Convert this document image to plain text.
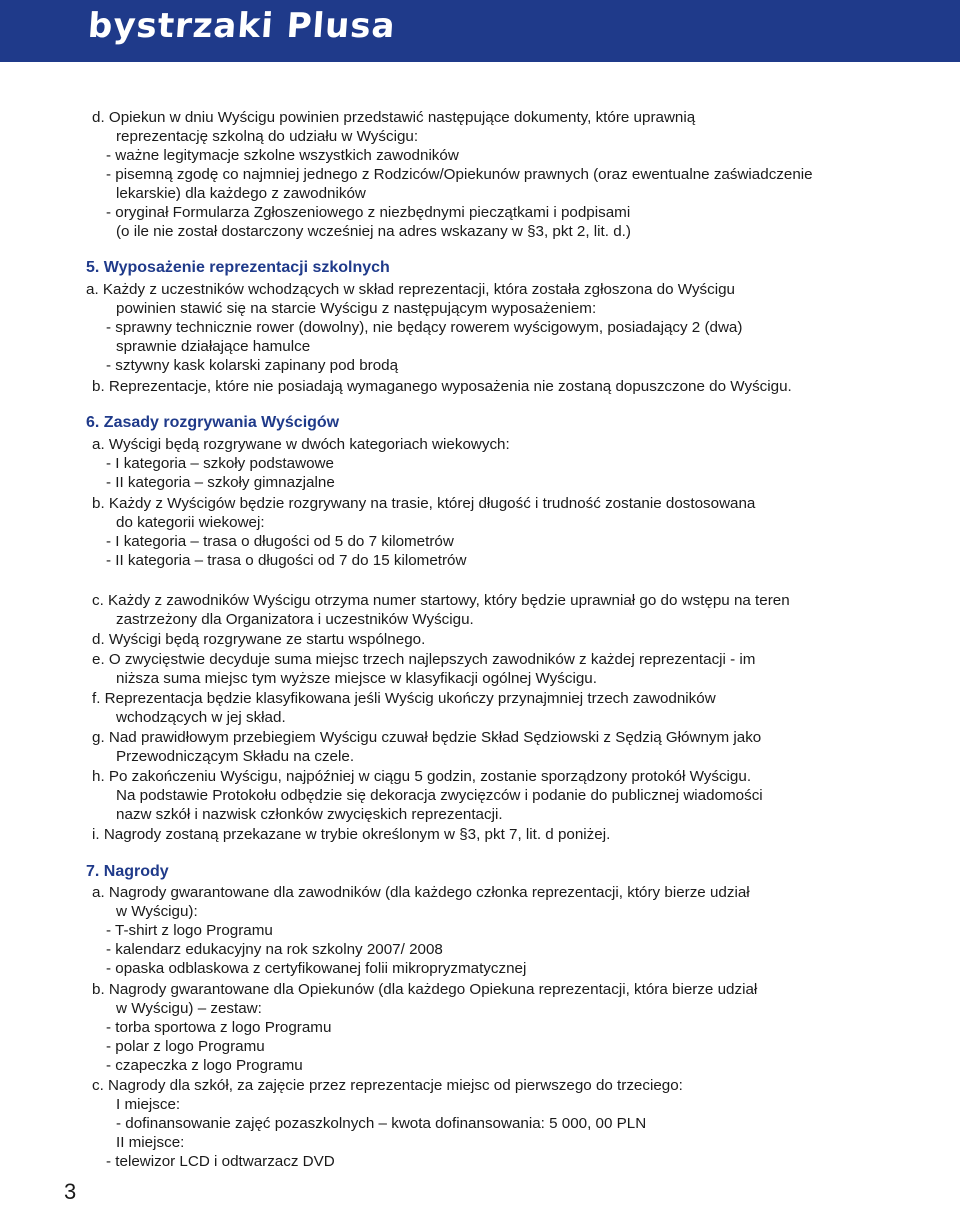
bystrzaki Plusa
d. Opiekun w dniu Wyścigu powinien przedstawić następujące dokumenty, które uprawnią
reprezentację szkolną do udziału w Wyścigu:
- ważne legitymacje szkolne wszystkich zawodników
- pisemną zgodę co najmniej jednego z Rodziców/Opiekunów prawnych (oraz ewentualne zaświadczenie
lekarskie) dla każdego z zawodników
- oryginał Formularza Zgłoszeniowego z niezbędnymi pieczątkami i podpisami
(o ile nie został dostarczony wcześniej na adres wskazany w §3, pkt 2, lit. d.)
5. Wyposażenie reprezentacji szkolnych
a. Każdy z uczestników wchodzących w skład reprezentacji, która została zgłoszona do Wyścigu
powinien stawić się na starcie Wyścigu z następującym wyposażeniem:
- sprawny technicznie rower (dowolny), nie będący rowerem wyścigowym, posiadający 2 (dwa)
sprawnie działające hamulce
- sztywny kask kolarski zapinany pod brodą
b. Reprezentacje, które nie posiadają wymaganego wyposażenia nie zostaną dopuszczone do Wyścigu.
6. Zasady rozgrywania Wyścigów
a. Wyścigi będą rozgrywane w dwóch kategoriach wiekowych:
- I kategoria – szkoły podstawowe
- II kategoria – szkoły gimnazjalne
b. Każdy z Wyścigów będzie rozgrywany na trasie, której długość i trudność zostanie dostosowana
do kategorii wiekowej:
- I kategoria – trasa o długości od 5 do 7 kilometrów
- II kategoria – trasa o długości od 7 do 15 kilometrów
c. Każdy z zawodników Wyścigu otrzyma numer startowy, który będzie uprawniał go do wstępu na teren
zastrzeżony dla Organizatora i uczestników Wyścigu.
d. Wyścigi będą rozgrywane ze startu wspólnego.
e. O zwycięstwie decyduje suma miejsc trzech najlepszych zawodników z każdej reprezentacji - im
niższa suma miejsc tym wyższe miejsce w klasyfikacji ogólnej Wyścigu.
f. Reprezentacja będzie klasyfikowana jeśli Wyścig ukończy przynajmniej trzech zawodników
wchodzących w jej skład.
g. Nad prawidłowym przebiegiem Wyścigu czuwał będzie Skład Sędziowski z Sędzią Głównym jako
Przewodniczącym Składu na czele.
h. Po zakończeniu Wyścigu, najpóźniej w ciągu 5 godzin, zostanie sporządzony protokół Wyścigu.
Na podstawie Protokołu odbędzie się dekoracja zwycięzców i podanie do publicznej wiadomości
nazw szkół i nazwisk członków zwycięskich reprezentacji.
i. Nagrody zostaną przekazane w trybie określonym w §3, pkt 7, lit. d poniżej.
7. Nagrody
a. Nagrody gwarantowane dla zawodników (dla każdego członka reprezentacji, który bierze udział
w Wyścigu):
- T-shirt z logo Programu
- kalendarz edukacyjny na rok szkolny 2007/ 2008
- opaska odblaskowa z certyfikowanej folii mikropryzmatycznej
b. Nagrody gwarantowane dla Opiekunów (dla każdego Opiekuna reprezentacji, która bierze udział
w Wyścigu) – zestaw:
- torba sportowa z logo Programu
- polar z logo Programu
- czapeczka z logo Programu
c. Nagrody dla szkół, za zajęcie przez reprezentacje miejsc od pierwszego do trzeciego:
I miejsce:
- dofinansowanie zajęć pozaszkolnych – kwota dofinansowania: 5 000, 00 PLN
II miejsce:
- telewizor LCD i odtwarzacz DVD
3
